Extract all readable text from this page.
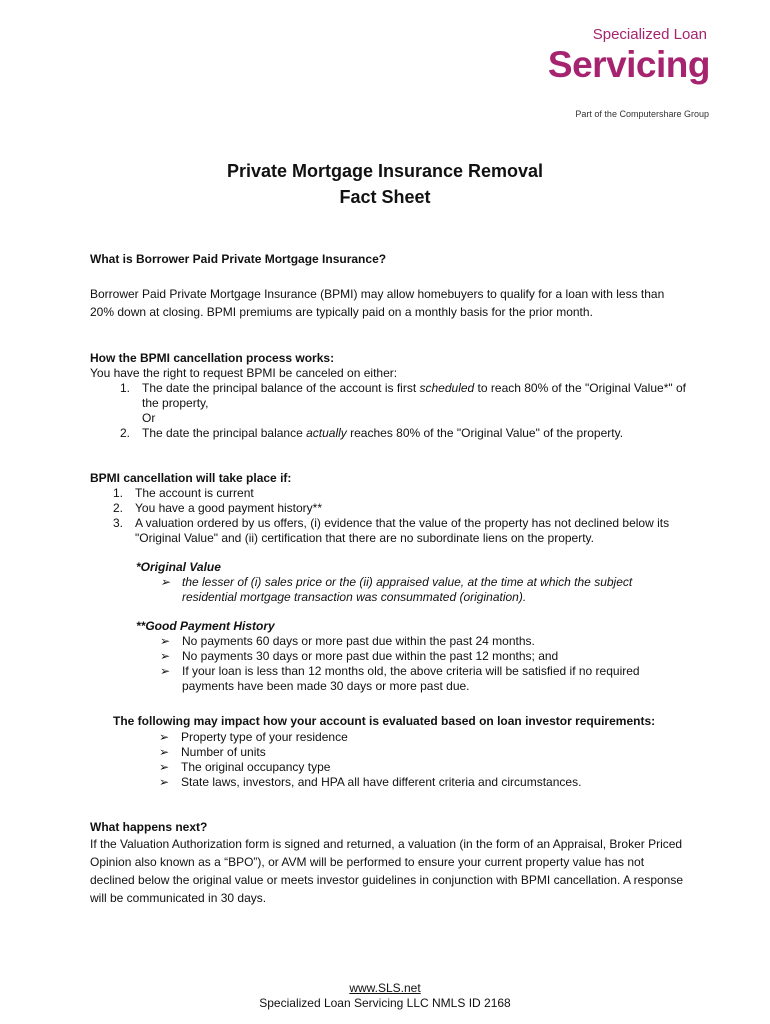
Specialized Loan
Servicing
Part of the Computershare Group
Private Mortgage Insurance Removal
Fact Sheet

What is Borrower Paid Private Mortgage Insurance?

Borrower Paid Private Mortgage Insurance (BPMI) may allow homebuyers to qualify for a loan with less than 20% down at closing. BPMI premiums are typically paid on a monthly basis for the prior month.

How the BPMI cancellation process works:

You have the right to request BPMI be canceled on either:

1. The date the principal balance of the account is first scheduled to reach 80% of the "Original Value*" of the property,
Or
2. The date the principal balance actually reaches 80% of the "Original Value" of the property.

BPMI cancellation will take place if:

1. The account is current
2. You have a good payment history**
3. A valuation ordered by us offers, (i) evidence that the value of the property has not declined below its "Original Value" and (ii) certification that there are no subordinate liens on the property.

*Original Value

➢ the lesser of (i) sales price or the (ii) appraised value, at the time at which the subject residential mortgage transaction was consummated (origination).

**Good Payment History

➢ No payments 60 days or more past due within the past 24 months.
➢ No payments 30 days or more past due within the past 12 months; and
➢ If your loan is less than 12 months old, the above criteria will be satisfied if no required payments have been made 30 days or more past due.

The following may impact how your account is evaluated based on loan investor requirements:

➢ Property type of your residence
➢ Number of units
➢ The original occupancy type
➢ State laws, investors, and HPA all have different criteria and circumstances.

What happens next?

If the Valuation Authorization form is signed and returned, a valuation (in the form of an Appraisal, Broker Priced Opinion also known as a “BPO”), or AVM will be performed to ensure your current property value has not declined below the original value or meets investor guidelines in conjunction with BPMI cancellation. A response will be communicated in 30 days.

www.SLS.net
Specialized Loan Servicing LLC NMLS ID 2168
